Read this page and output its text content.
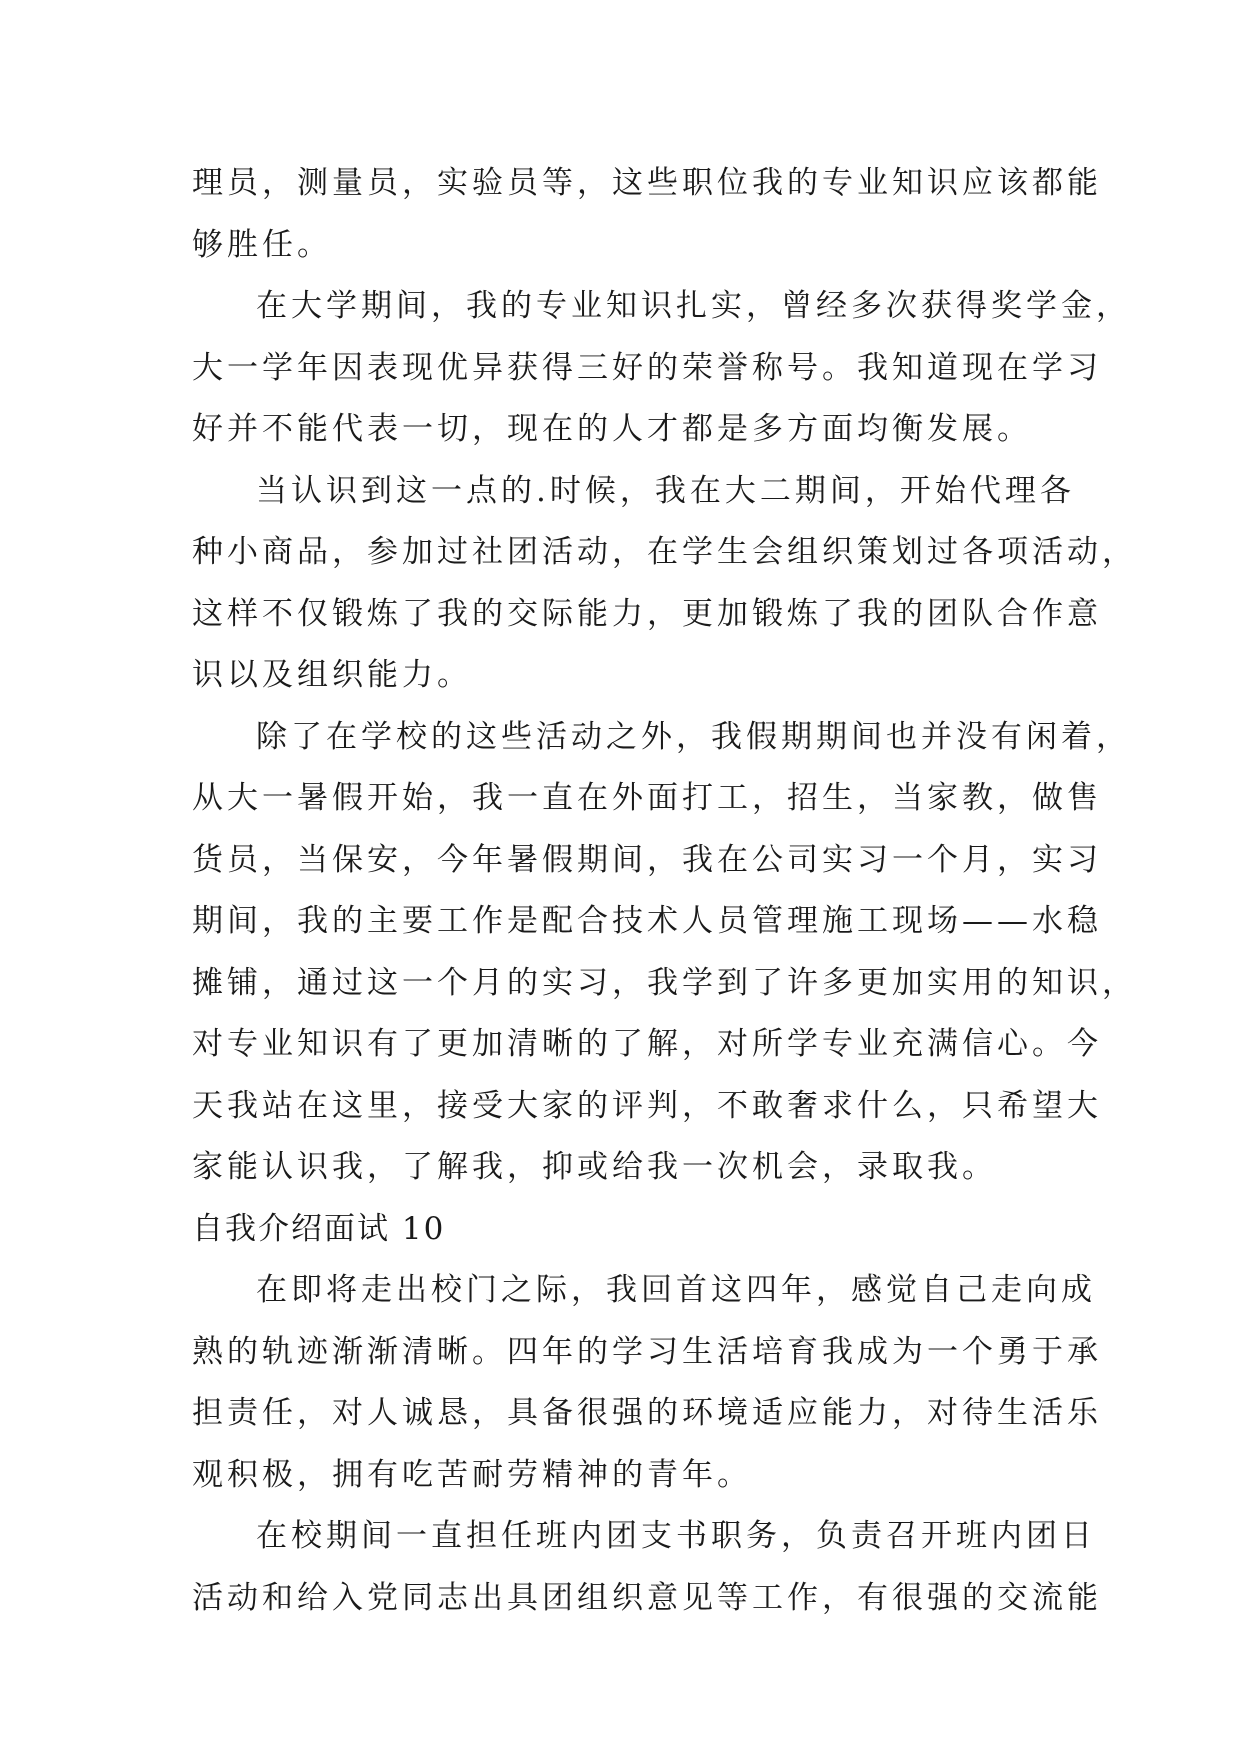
理员，测量员，实验员等，这些职位我的专业知识应该都能
够胜任。
在大学期间，我的专业知识扎实，曾经多次获得奖学金，
大一学年因表现优异获得三好的荣誉称号。我知道现在学习
好并不能代表一切，现在的人才都是多方面均衡发展。
当认识到这一点的.时候，我在大二期间，开始代理各
种小商品，参加过社团活动，在学生会组织策划过各项活动，
这样不仅锻炼了我的交际能力，更加锻炼了我的团队合作意
识以及组织能力。
除了在学校的这些活动之外，我假期期间也并没有闲着，
从大一暑假开始，我一直在外面打工，招生，当家教，做售
货员，当保安，今年暑假期间，我在公司实习一个月，实习
期间，我的主要工作是配合技术人员管理施工现场——水稳
摊铺，通过这一个月的实习，我学到了许多更加实用的知识，
对专业知识有了更加清晰的了解，对所学专业充满信心。今
天我站在这里，接受大家的评判，不敢奢求什么，只希望大
家能认识我，了解我，抑或给我一次机会，录取我。
自我介绍面试 10
在即将走出校门之际，我回首这四年，感觉自己走向成
熟的轨迹渐渐清晰。四年的学习生活培育我成为一个勇于承
担责任，对人诚恳，具备很强的环境适应能力，对待生活乐
观积极，拥有吃苦耐劳精神的青年。
在校期间一直担任班内团支书职务，负责召开班内团日
活动和给入党同志出具团组织意见等工作，有很强的交流能
